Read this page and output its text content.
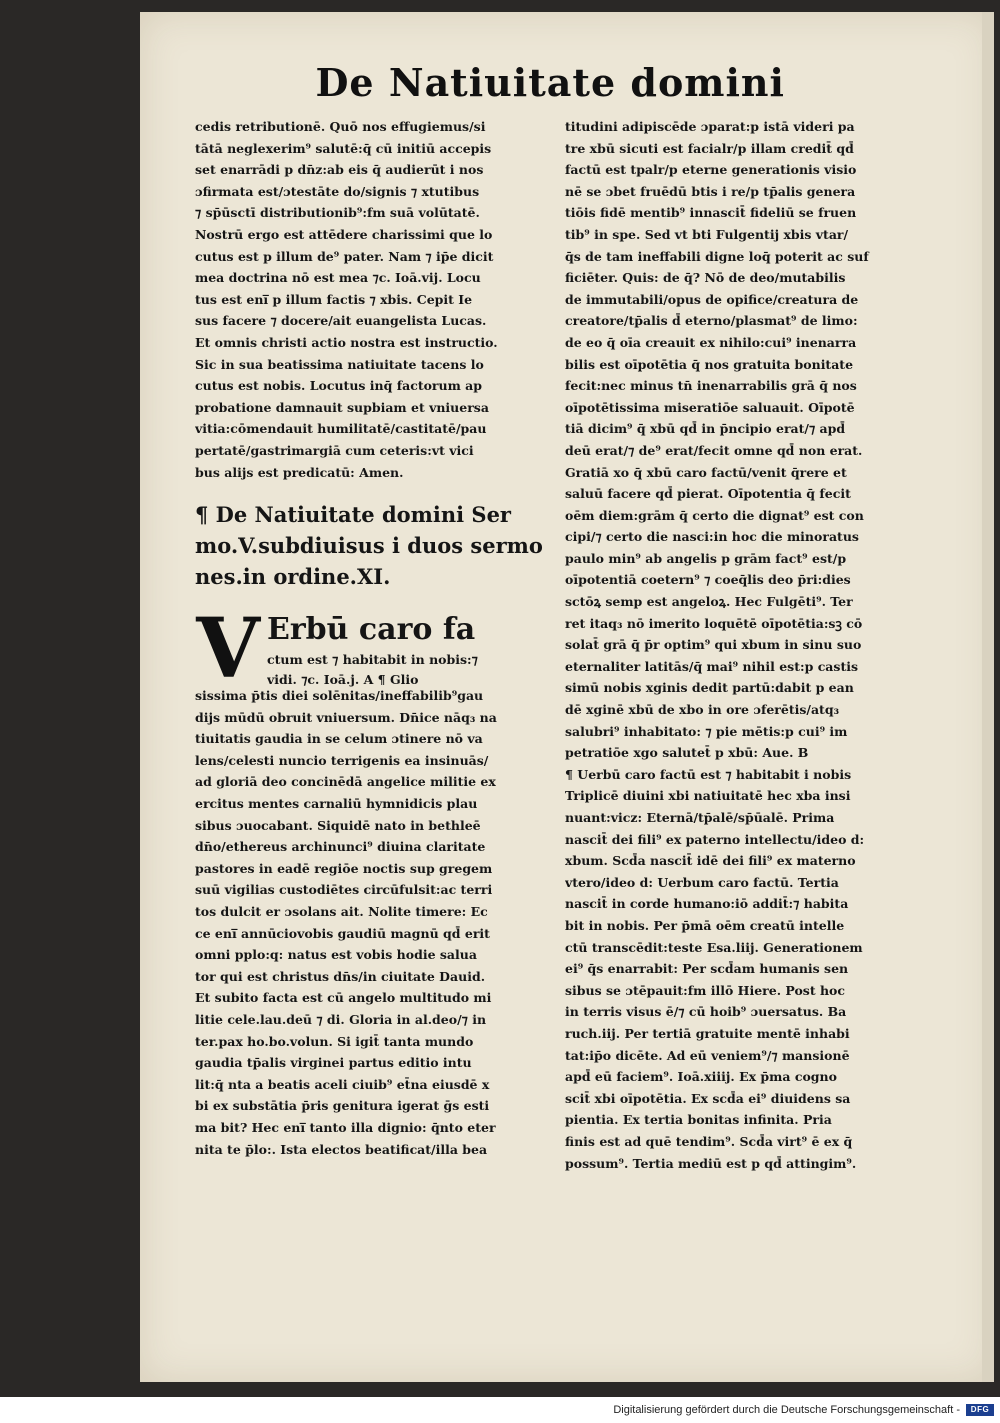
De Natiuitate domini
cedis retributionē. Quō nos effugiemus/si
tātā neglexerim⁹ salutē:q̄ cū initiū accepis
set enarrādi p dn̄z:ab eis q̄ audierūt i nos
ɔfirmata est/ɔtestāte do/signis ⁊ xtutibus
⁊ sp̄ūsctī distributionib⁹:fm suā volūtatē.
Nostrū ergo est attēdere charissimi que lo
cutus est p illum de⁹ pater. Nam ⁊ ip̄e dicit
mea doctrina nō est mea ⁊c. Ioā.vij. Locu
tus est eni̅ p illum factis ⁊ xbis. Cepit Ie
sus facere ⁊ docere/ait euangelista Lucas.
Et omnis christi actio nostra est instructio.
Sic in sua beatissima natiuitate tacens lo
cutus est nobis. Locutus inq̄ factorum ap
probatione damnauit supbiam et vniuersa
vitia:cōmendauit humilitatē/castitatē/pau
pertatē/gastrimargiā cum ceteris:vt vici
bus alijs est predicatū: Amen.
¶ De Natiuitate domini Ser
mo.V.subdiuisus i duos sermo
nes.in ordine.XI.
V Erbū caro fa
ctum est ⁊ habitabit in nobis:⁊
vidi. ⁊c. Ioā.j. A ¶ Glio
sissima p̄tis diei solēnitas/ineffabilib⁹gau
dijs mūdū obruit vniuersum. Dn̄ice nāq₃ na
tiuitatis gaudia in se celum ɔtinere nō va
lens/celesti nuncio terrigenis ea insinuās/
ad gloriā deo concinēdā angelice militie ex
ercitus mentes carnaliū hymnidicis plau
sibus ɔuocabant. Siquidē nato in bethleē
dn̄o/ethereus archinunci⁹ diuina claritate
pastores in eadē regiōe noctis sup gregem
suū vigilias custodiētes circūfulsit:ac terri
tos dulcit er ɔsolans ait. Nolite timere: Ec
ce eni̅ annūciovobis gaudiū magnū qd̄ erit
omni pplo:q: natus est vobis hodie salua
tor qui est christus dn̄s/in ciuitate Dauid.
Et subito facta est cū angelo multitudo mi
litie cele.lau.deū ⁊ di. Gloria in al.deo/⁊ in
ter.pax ho.bo.volun. Si igit̄ tanta mundo
gaudia tp̄alis virginei partus editio intu
lit:q̄ nta a beatis aceli ciuib⁹ et̄na eiusdē x
bi ex substātia p̄ris genitura igerat ḡs esti
ma bit? Hec eni̅ tanto illa dignio: q̄nto eter
nita te p̄lo:. Ista electos beatificat/illa bea
titudini adipiscēde ɔparat:p istā videri pa
tre xbū sicuti est facialr/p illam credit̄ qd̄
factū est tpalr/p eterne generationis visio
nē se ɔbet fruēdū btis i re/p tp̄alis genera
tiōis fidē mentib⁹ innascit̄ fideliū se fruen
tib⁹ in spe. Sed vt bti Fulgentij xbis vtar/
q̄s de tam ineffabili digne loq̄ poterit ac suf
ficiēter. Quis: de q̄? Nō de deo/mutabilis
de immutabili/opus de opifice/creatura de
creatore/tp̄alis d̄ eterno/plasmat⁹ de limo:
de eo q̄ oīa creauit ex nihilo:cui⁹ inenarra
bilis est oīpotētia q̄ nos gratuita bonitate
fecit:nec minus tn̄ inenarrabilis grā q̄ nos
oīpotētissima miseratiōe saluauit. Oīpotē
tiā dicim⁹ q̄ xbū qd̄ in p̄ncipio erat/⁊ apd̄
deū erat/⁊ de⁹ erat/fecit omne qd̄ non erat.
Gratiā xo q̄ xbū caro factū/venit q̄rere et
saluū facere qd̄ pierat. Oīpotentia q̄ fecit
oēm diem:grām q̄ certo die dignat⁹ est con
cipi/⁊ certo die nasci:in hoc die minoratus
paulo min⁹ ab angelis p grām fact⁹ est/p
oīpotentiā coetern⁹ ⁊ coeq̄lis deo p̄ri:dies
sctōꝝ semp est angeloꝝ. Hec Fulgēti⁹. Ter
ret itaq₃ nō imerito loquētē oīpotētia:sꝫ cō
solat̄ grā q̄ p̄r optim⁹ qui xbum in sinu suo
eternaliter latitās/q̄ mai⁹ nihil est:p castis
simū nobis xginis dedit partū:dabit p ean
dē xginē xbū de xbo in ore ɔferētis/atq₃
salubri⁹ inhabitato: ⁊ pie mētis:p cui⁹ im
petratiōe xgo salutet̄ p xbū: Aue. B
¶ Uerbū caro factū est ⁊ habitabit i nobis
Triplicē diuini xbi natiuitatē hec xba insi
nuant:vicz: Eternā/tp̄alē/sp̄ūalē. Prima
nascit̄ dei fili⁹ ex paterno intellectu/ideo d:
xbum. Scd̄a nascit̄ idē dei fili⁹ ex materno
vtero/ideo d: Uerbum caro factū. Tertia
nascit̄ in corde humano:iō addit̄:⁊ habita
bit in nobis. Per p̄mā oēm creatū intelle
ctū transcēdit:teste Esa.liij. Generationem
ei⁹ q̄s enarrabit: Per scd̄am humanis sen
sibus se ɔtēpauit:fm illō Hiere. Post hoc
in terris visus ē/⁊ cū hoib⁹ ɔuersatus. Ba
ruch.iij. Per tertiā gratuite mentē inhabi
tat:ip̄o dicēte. Ad eū veniem⁹/⁊ mansionē
apd̄ eū faciem⁹. Ioā.xiiij. Ex p̄ma cogno
scit̄ xbi oīpotētia. Ex scd̄a ei⁹ diuidens sa
pientia. Ex tertia bonitas infinita. Pria
finis est ad quē tendim⁹. Scd̄a virt⁹ ē ex q̄
possum⁹. Tertia mediū est p qd̄ attingim⁹.
Digitalisierung gefördert durch die Deutsche Forschungsgemeinschaft -	DFG
